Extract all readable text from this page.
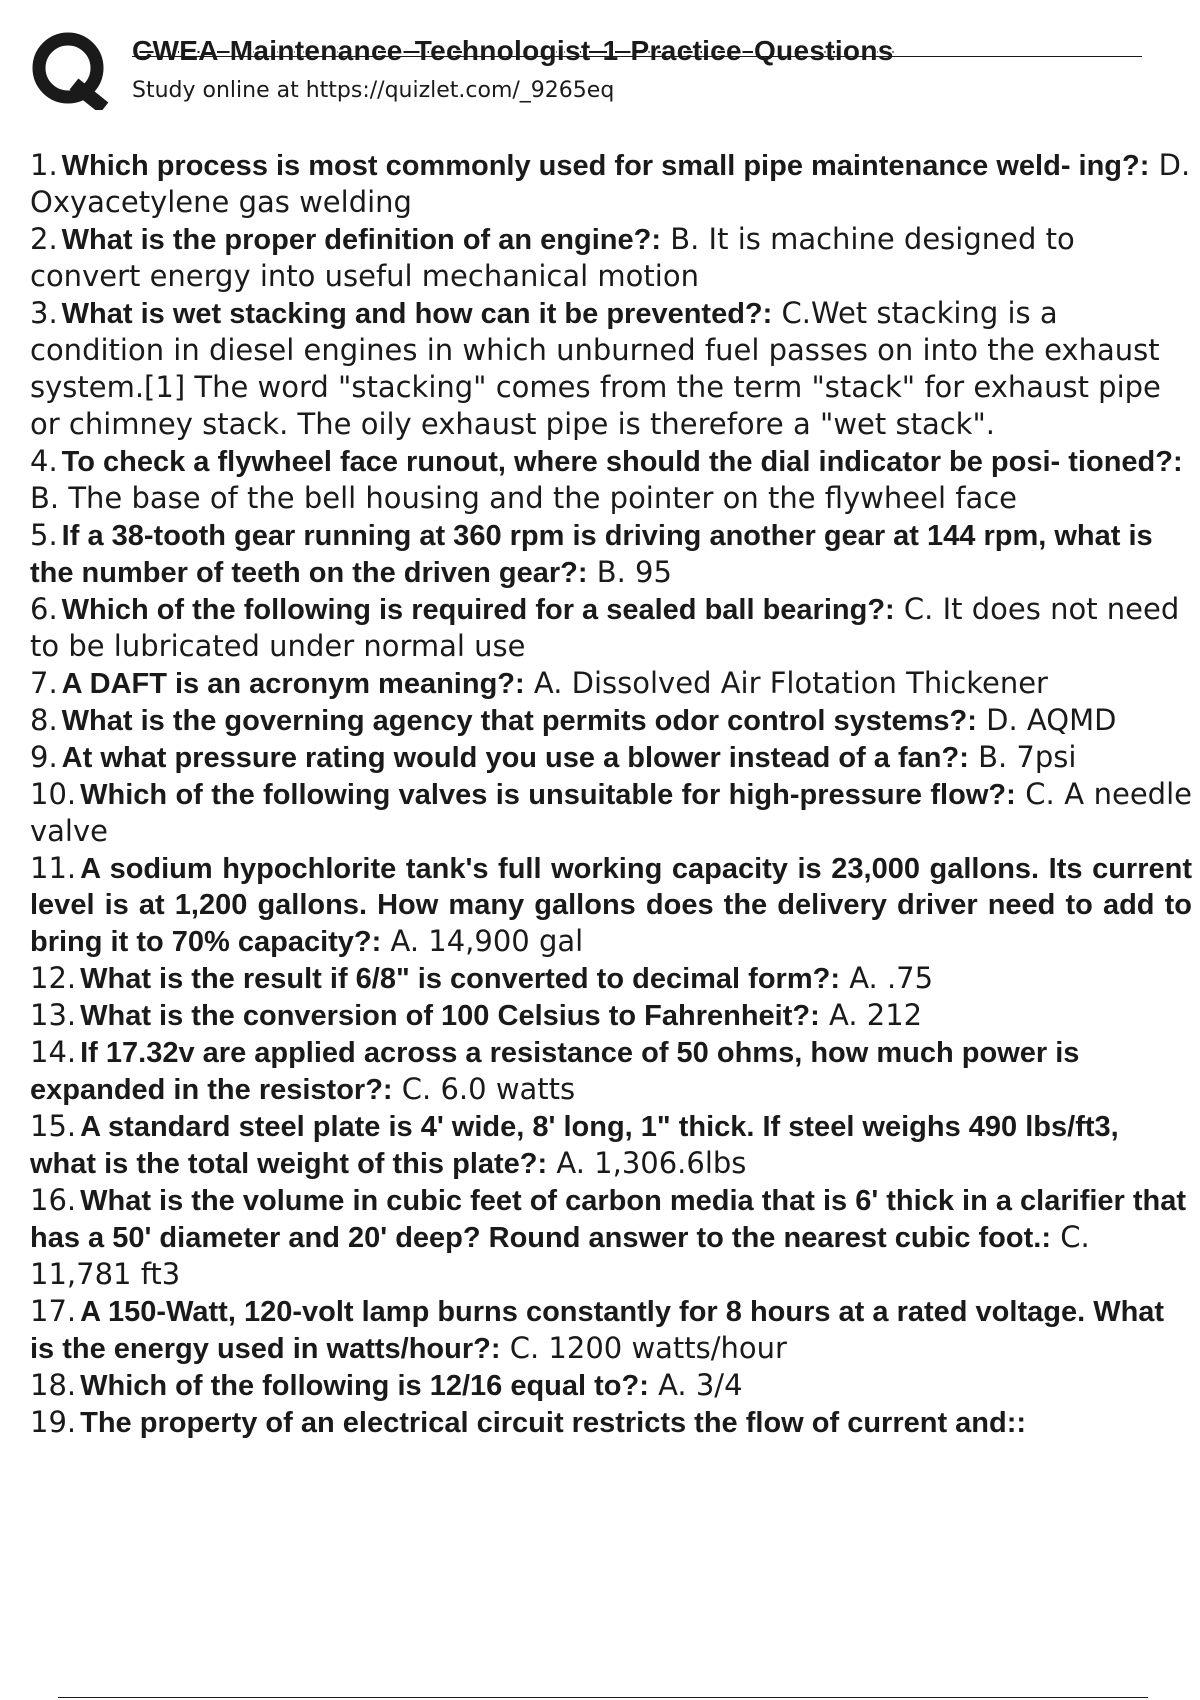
CWEA Maintenance Technologist 1 Practice Questions
Study online at https://quizlet.com/_9265eq
1. Which process is most commonly used for small pipe maintenance weld- ing?: D. Oxyacetylene gas welding
2. What is the proper definition of an engine?: B. It is machine designed to convert energy into useful mechanical motion
3. What is wet stacking and how can it be prevented?: C.Wet stacking is a condition in diesel engines in which unburned fuel passes on into the exhaust system.[1] The word "stacking" comes from the term "stack" for exhaust pipe or chimney stack. The oily exhaust pipe is therefore a "wet stack".
4. To check a flywheel face runout, where should the dial indicator be posi- tioned?: B. The base of the bell housing and the pointer on the flywheel face
5. If a 38-tooth gear running at 360 rpm is driving another gear at 144 rpm, what is the number of teeth on the driven gear?: B. 95
6. Which of the following is required for a sealed ball bearing?: C. It does not need to be lubricated under normal use
7. A DAFT is an acronym meaning?: A. Dissolved Air Flotation Thickener
8. What is the governing agency that permits odor control systems?: D. AQMD
9. At what pressure rating would you use a blower instead of a fan?: B. 7psi
10. Which of the following valves is unsuitable for high-pressure flow?: C. A needle valve
11. A sodium hypochlorite tank's full working capacity is 23,000 gallons. Its current level is at 1,200 gallons. How many gallons does the delivery driver need to add to bring it to 70% capacity?: A. 14,900 gal
12. What is the result if 6/8" is converted to decimal form?: A. .75
13. What is the conversion of 100 Celsius to Fahrenheit?: A. 212
14. If 17.32v are applied across a resistance of 50 ohms, how much power is expanded in the resistor?: C. 6.0 watts
15. A standard steel plate is 4' wide, 8' long, 1" thick. If steel weighs 490 lbs/ft3, what is the total weight of this plate?: A. 1,306.6lbs
16. What is the volume in cubic feet of carbon media that is 6' thick in a clarifier that has a 50' diameter and 20' deep? Round answer to the nearest cubic foot.: C. 11,781 ft3
17. A 150-Watt, 120-volt lamp burns constantly for 8 hours at a rated voltage. What is the energy used in watts/hour?: C. 1200 watts/hour
18. Which of the following is 12/16 equal to?: A. 3/4
19. The property of an electrical circuit restricts the flow of current and::
